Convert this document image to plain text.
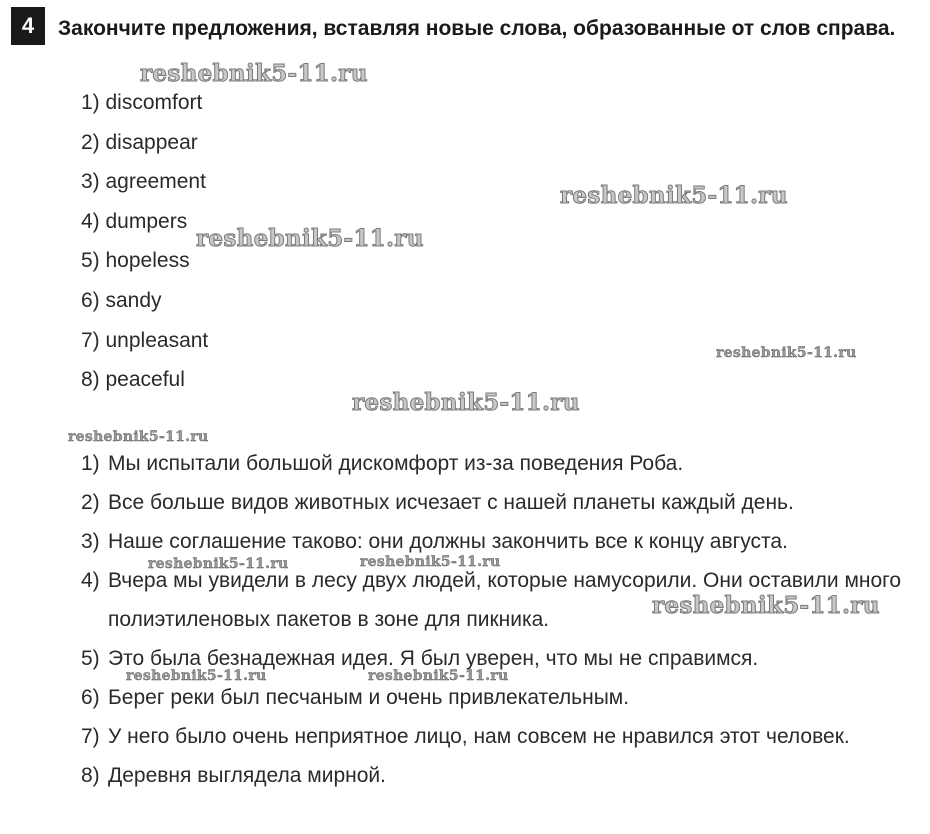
4	Закончите предложения, вставляя новые слова, образованные от слов справа.
1) discomfort
2) disappear
3) agreement
4) dumpers
5) hopeless
6) sandy
7) unpleasant
8) peaceful
1) Мы испытали большой дискомфорт из-за поведения Роба.
2) Все больше видов животных исчезает с нашей планеты каждый день.
3) Наше соглашение таково: они должны закончить все к концу августа.
4) Вчера мы увидели в лесу двух людей, которые намусорили. Они оставили много полиэтиленовых пакетов в зоне для пикника.
5) Это была безнадежная идея. Я был уверен, что мы не справимся.
6) Берег реки был песчаным и очень привлекательным.
7) У него было очень неприятное лицо, нам совсем не нравился этот человек.
8) Деревня выглядела мирной.
reshebnik5-11.ru
reshebnik5-11.ru
reshebnik5-11.ru
reshebnik5-11.ru
reshebnik5-11.ru
reshebnik5-11.ru
reshebnik5-11.ru	reshebnik5-11.ru
reshebnik5-11.ru
reshebnik5-11.ru	reshebnik5-11.ru
